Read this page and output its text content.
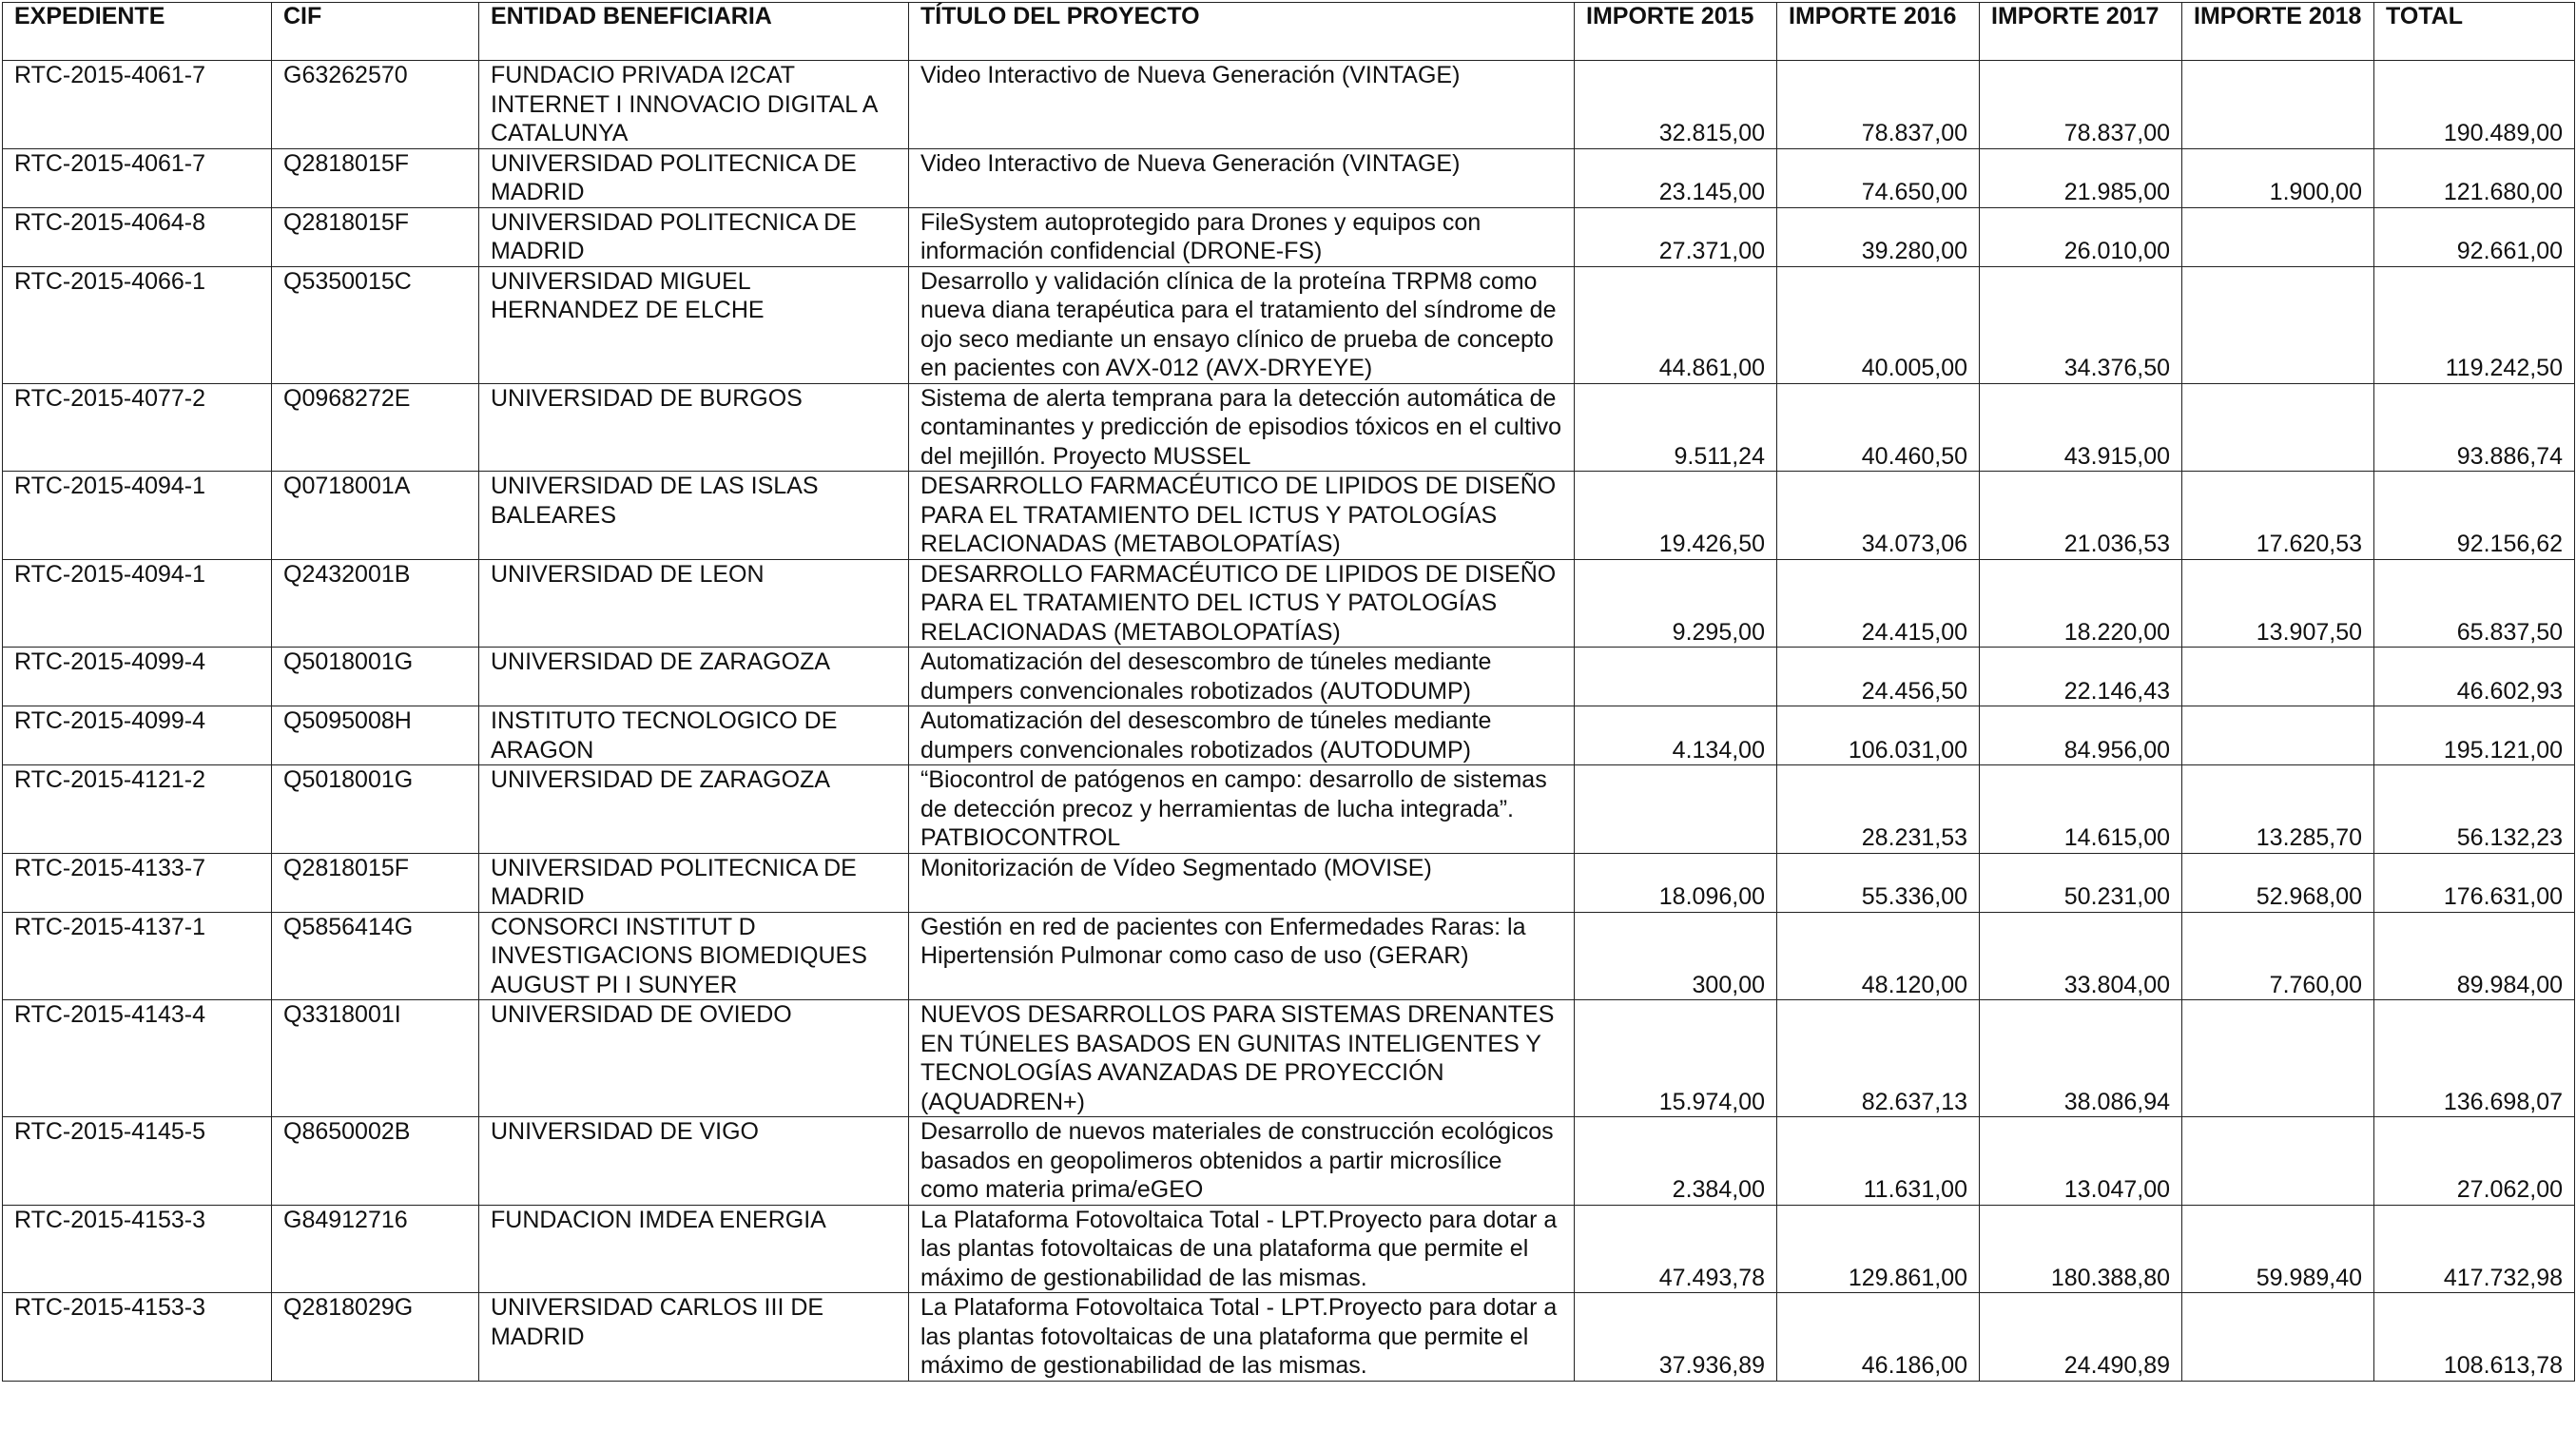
EXPEDIENTE	CIF	ENTIDAD BENEFICIARIA	TÍTULO DEL PROYECTO	IMPORTE 2015	IMPORTE 2016	IMPORTE 2017	IMPORTE 2018	TOTAL
RTC-2015-4061-7	G63262570	FUNDACIO PRIVADA I2CAT INTERNET I INNOVACIO DIGITAL A CATALUNYA	Video Interactivo de Nueva Generación (VINTAGE)	32.815,00	78.837,00	78.837,00		190.489,00
RTC-2015-4061-7	Q2818015F	UNIVERSIDAD POLITECNICA DE MADRID	Video Interactivo de Nueva Generación (VINTAGE)	23.145,00	74.650,00	21.985,00	1.900,00	121.680,00
RTC-2015-4064-8	Q2818015F	UNIVERSIDAD POLITECNICA DE MADRID	FileSystem autoprotegido para Drones y equipos con información confidencial (DRONE-FS)	27.371,00	39.280,00	26.010,00		92.661,00
RTC-2015-4066-1	Q5350015C	UNIVERSIDAD MIGUEL HERNANDEZ DE ELCHE	Desarrollo y validación clínica de la proteína TRPM8 como nueva diana terapéutica para el tratamiento del síndrome de ojo seco mediante un ensayo clínico de prueba de concepto en pacientes con AVX-012 (AVX-DRYEYE)	44.861,00	40.005,00	34.376,50		119.242,50
RTC-2015-4077-2	Q0968272E	UNIVERSIDAD DE BURGOS	Sistema de alerta temprana para la detección automática de contaminantes y predicción de episodios tóxicos en el cultivo del mejillón. Proyecto MUSSEL	9.511,24	40.460,50	43.915,00		93.886,74
RTC-2015-4094-1	Q0718001A	UNIVERSIDAD DE LAS ISLAS BALEARES	DESARROLLO FARMACÉUTICO DE LIPIDOS DE DISEÑO PARA EL TRATAMIENTO DEL ICTUS Y PATOLOGÍAS RELACIONADAS (METABOLOPATÍAS)	19.426,50	34.073,06	21.036,53	17.620,53	92.156,62
RTC-2015-4094-1	Q2432001B	UNIVERSIDAD DE LEON	DESARROLLO FARMACÉUTICO DE LIPIDOS DE DISEÑO PARA EL TRATAMIENTO DEL ICTUS Y PATOLOGÍAS RELACIONADAS (METABOLOPATÍAS)	9.295,00	24.415,00	18.220,00	13.907,50	65.837,50
RTC-2015-4099-4	Q5018001G	UNIVERSIDAD DE ZARAGOZA	Automatización del desescombro de túneles mediante dumpers convencionales robotizados (AUTODUMP)		24.456,50	22.146,43		46.602,93
RTC-2015-4099-4	Q5095008H	INSTITUTO TECNOLOGICO DE ARAGON	Automatización del desescombro de túneles mediante dumpers convencionales robotizados (AUTODUMP)	4.134,00	106.031,00	84.956,00		195.121,00
RTC-2015-4121-2	Q5018001G	UNIVERSIDAD DE ZARAGOZA	“Biocontrol de patógenos en campo: desarrollo de sistemas de detección precoz y herramientas de lucha integrada”. PATBIOCONTROL		28.231,53	14.615,00	13.285,70	56.132,23
RTC-2015-4133-7	Q2818015F	UNIVERSIDAD POLITECNICA DE MADRID	Monitorización de Vídeo Segmentado (MOVISE)	18.096,00	55.336,00	50.231,00	52.968,00	176.631,00
RTC-2015-4137-1	Q5856414G	CONSORCI INSTITUT D INVESTIGACIONS BIOMEDIQUES AUGUST PI I SUNYER	Gestión en red de pacientes con Enfermedades Raras: la Hipertensión Pulmonar como caso de uso (GERAR)	300,00	48.120,00	33.804,00	7.760,00	89.984,00
RTC-2015-4143-4	Q3318001I	UNIVERSIDAD DE OVIEDO	NUEVOS DESARROLLOS PARA SISTEMAS DRENANTES EN TÚNELES BASADOS EN GUNITAS INTELIGENTES Y TECNOLOGÍAS AVANZADAS DE PROYECCIÓN (AQUADREN+)	15.974,00	82.637,13	38.086,94		136.698,07
RTC-2015-4145-5	Q8650002B	UNIVERSIDAD DE VIGO	Desarrollo de nuevos materiales de construcción ecológicos basados en geopolimeros obtenidos a partir microsílice como materia prima/eGEO	2.384,00	11.631,00	13.047,00		27.062,00
RTC-2015-4153-3	G84912716	FUNDACION IMDEA ENERGIA	La Plataforma Fotovoltaica Total - LPT.Proyecto para dotar a las plantas fotovoltaicas de una plataforma que permite el máximo de gestionabilidad de las mismas.	47.493,78	129.861,00	180.388,80	59.989,40	417.732,98
RTC-2015-4153-3	Q2818029G	UNIVERSIDAD CARLOS III DE MADRID	La Plataforma Fotovoltaica Total - LPT.Proyecto para dotar a las plantas fotovoltaicas de una plataforma que permite el máximo de gestionabilidad de las mismas.	37.936,89	46.186,00	24.490,89		108.613,78
